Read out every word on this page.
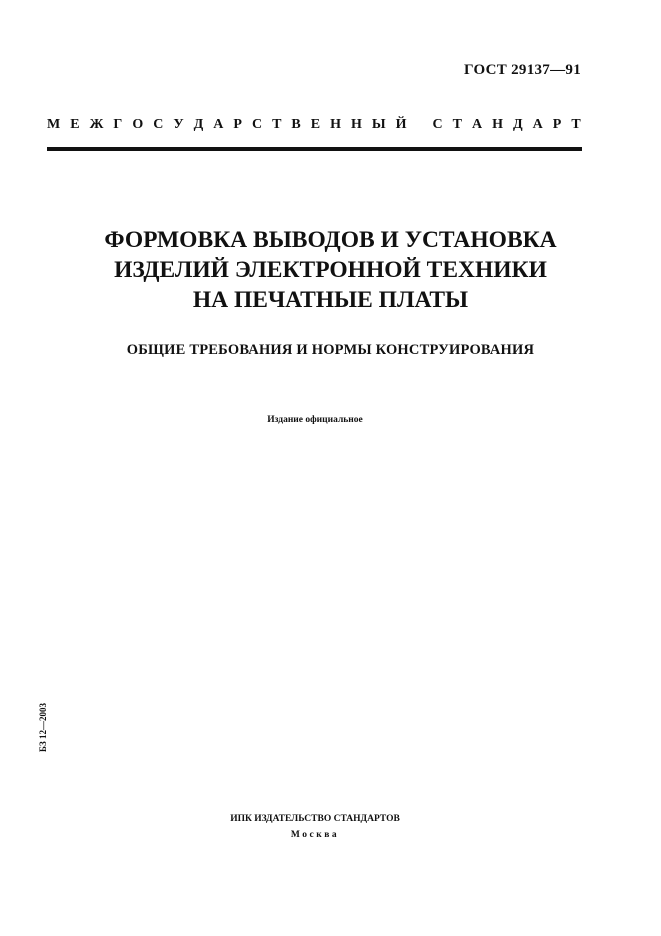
ГОСТ 29137—91
М Е Ж Г О С У Д А Р С Т В Е Н Н Ы Й
С Т А Н Д А Р Т
ФОРМОВКА ВЫВОДОВ И УСТАНОВКА
ИЗДЕЛИЙ ЭЛЕКТРОННОЙ ТЕХНИКИ
НА ПЕЧАТНЫЕ ПЛАТЫ
ОБЩИЕ ТРЕБОВАНИЯ И НОРМЫ КОНСТРУИРОВАНИЯ
Издание официальное
БЗ 12—2003
ИПК ИЗДАТЕЛЬСТВО СТАНДАРТОВ
Москва
